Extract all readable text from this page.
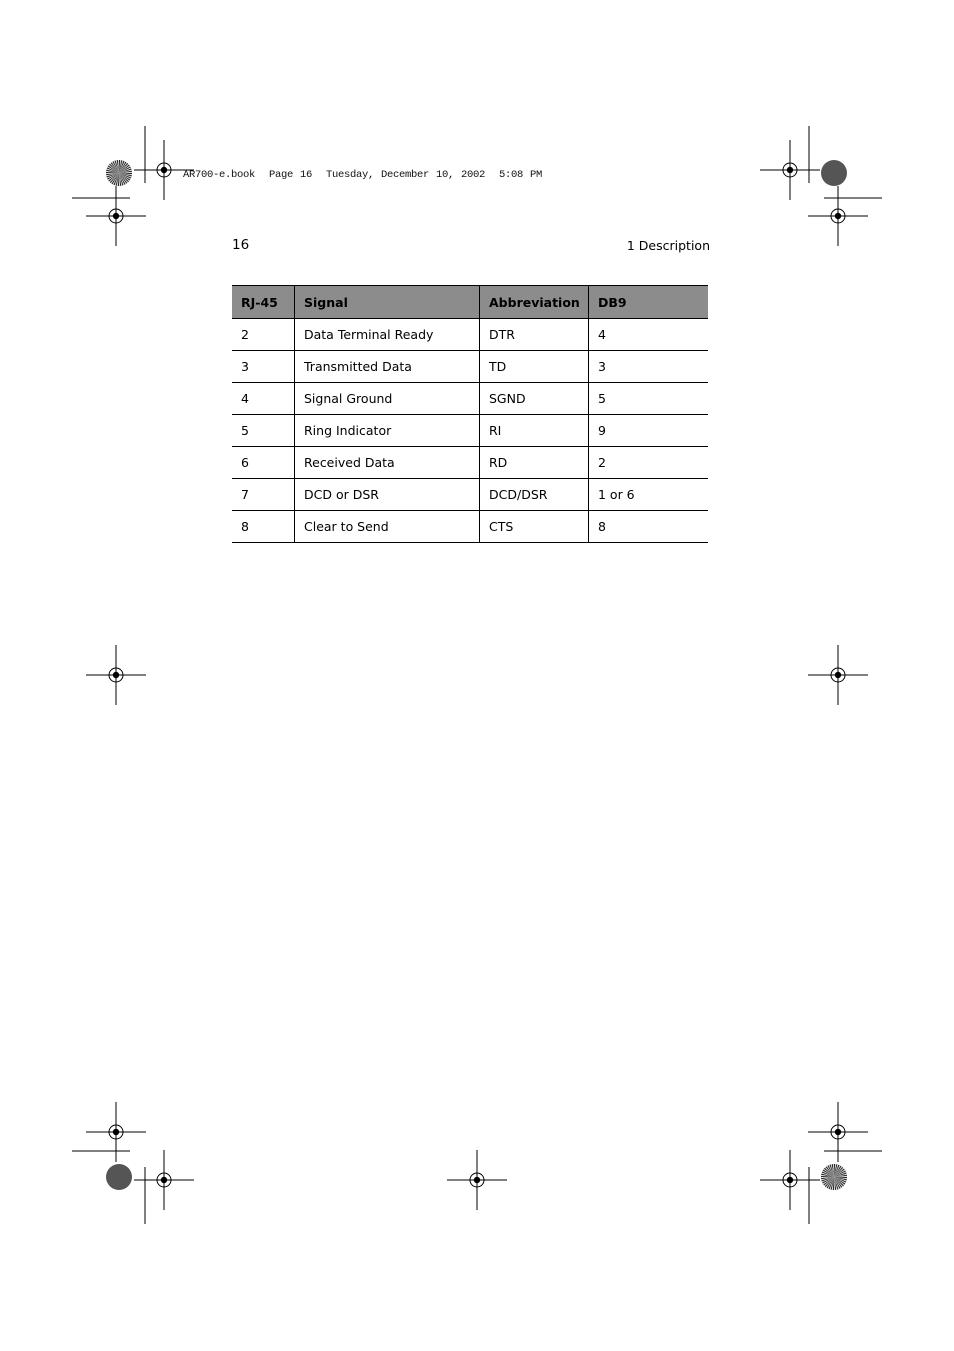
AR700-e.book  Page 16  Tuesday, December 10, 2002  5:08 PM
16	1 Description
RJ-45	Signal	Abbreviation	DB9
2	Data Terminal Ready	DTR	4
3	Transmitted Data	TD	3
4	Signal Ground	SGND	5
5	Ring Indicator	RI	9
6	Received Data	RD	2
7	DCD or DSR	DCD/DSR	1 or 6
8	Clear to Send	CTS	8
